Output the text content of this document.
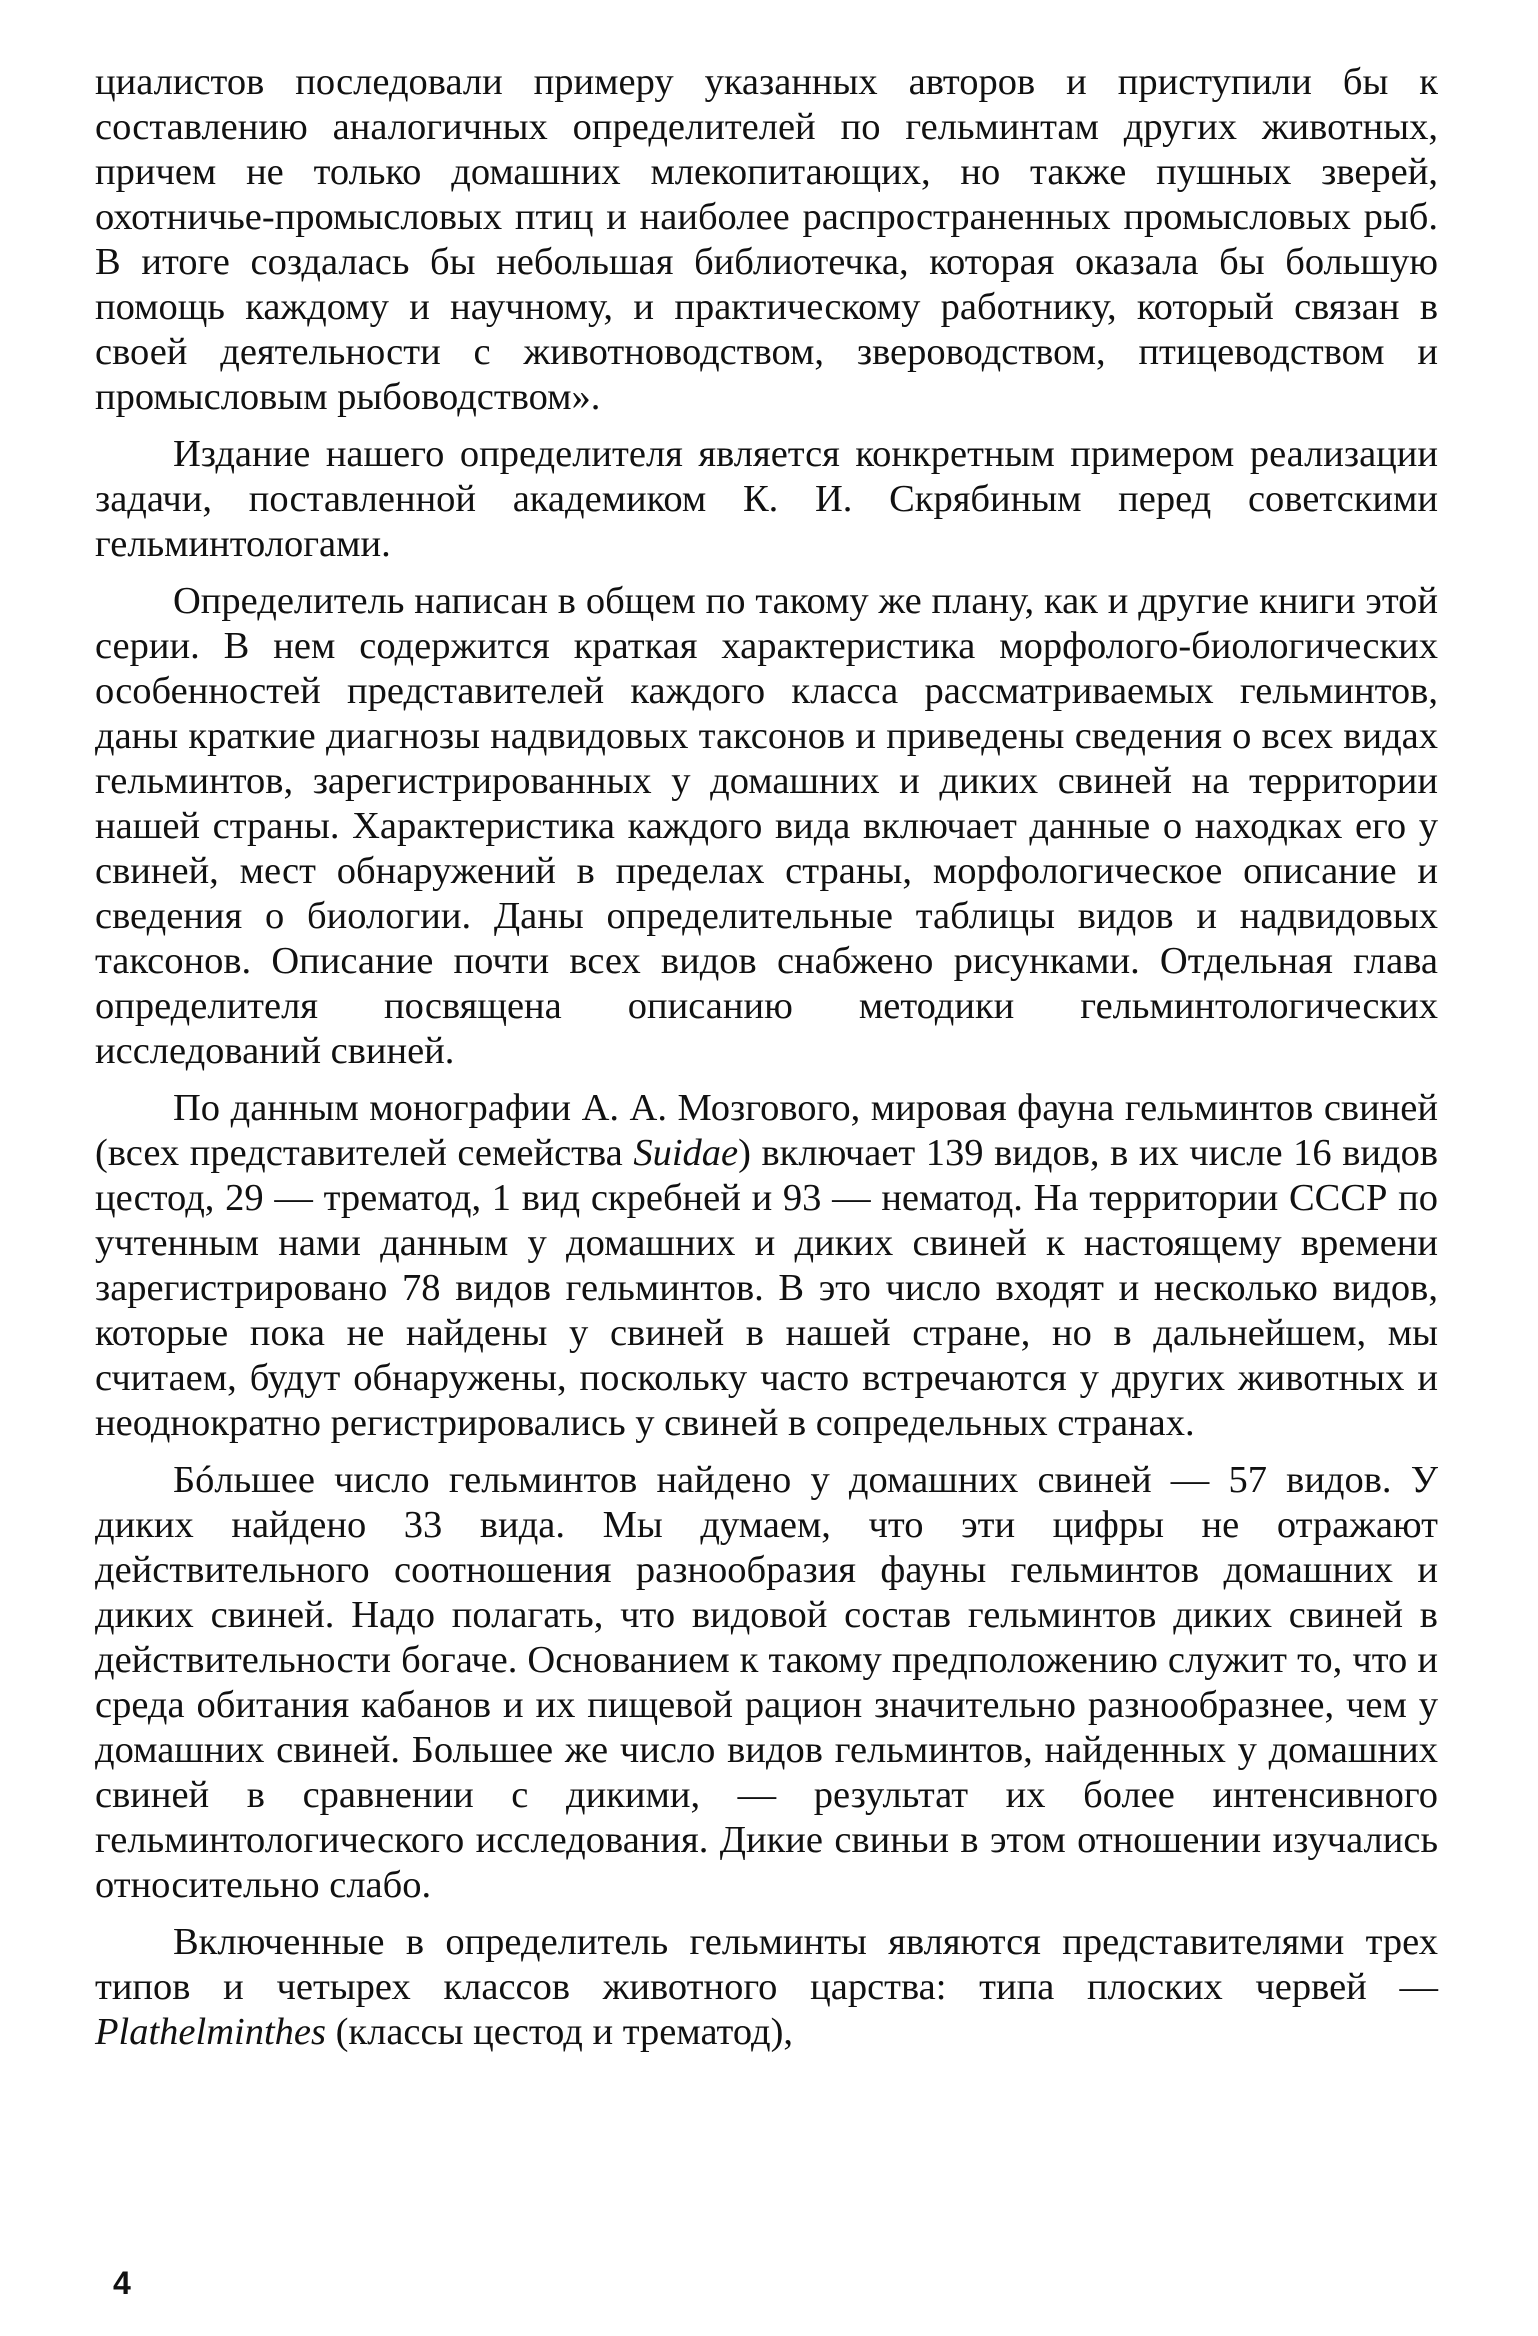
циалистов последовали примеру указанных авторов и приступили бы к составлению аналогичных определителей по гельминтам других животных, причем не только домашних млекопитающих, но также пушных зверей, охотничье-промысловых птиц и наиболее распространенных промысловых рыб. В итоге создалась бы небольшая библиотечка, которая оказала бы большую помощь каждому и научному, и практическому работнику, который связан в своей деятельности с животноводством, звероводством, птицеводством и промысловым рыбоводством».

Издание нашего определителя является конкретным примером реализации задачи, поставленной академиком К. И. Скрябиным перед советскими гельминтологами.

Определитель написан в общем по такому же плану, как и другие книги этой серии. В нем содержится краткая характеристика морфолого-биологических особенностей представителей каждого класса рассматриваемых гельминтов, даны краткие диагнозы надвидовых таксонов и приведены сведения о всех видах гельминтов, зарегистрированных у домашних и диких свиней на территории нашей страны. Характеристика каждого вида включает данные о находках его у свиней, мест обнаружений в пределах страны, морфологическое описание и сведения о биологии. Даны определительные таблицы видов и надвидовых таксонов. Описание почти всех видов снабжено рисунками. Отдельная глава определителя посвящена описанию методики гельминтологических исследований свиней.

По данным монографии А. А. Мозгового, мировая фауна гельминтов свиней (всех представителей семейства Suidae) включает 139 видов, в их числе 16 видов цестод, 29 — трематод, 1 вид скребней и 93 — нематод. На территории СССР по учтенным нами данным у домашних и диких свиней к настоящему времени зарегистрировано 78 видов гельминтов. В это число входят и несколько видов, которые пока не найдены у свиней в нашей стране, но в дальнейшем, мы считаем, будут обнаружены, поскольку часто встречаются у других животных и неоднократно регистрировались у свиней в сопредельных странах.

Бóльшее число гельминтов найдено у домашних свиней — 57 видов. У диких найдено 33 вида. Мы думаем, что эти цифры не отражают действительного соотношения разнообразия фауны гельминтов домашних и диких свиней. Надо полагать, что видовой состав гельминтов диких свиней в действительности богаче. Основанием к такому предположению служит то, что и среда обитания кабанов и их пищевой рацион значительно разнообразнее, чем у домашних свиней. Большее же число видов гельминтов, найденных у домашних свиней в сравнении с дикими, — результат их более интенсивного гельминтологического исследования. Дикие свиньи в этом отношении изучались относительно слабо.

Включенные в определитель гельминты являются представителями трех типов и четырех классов животного царства: типа плоских червей — Plathelminthes (классы цестод и трематод),

4
